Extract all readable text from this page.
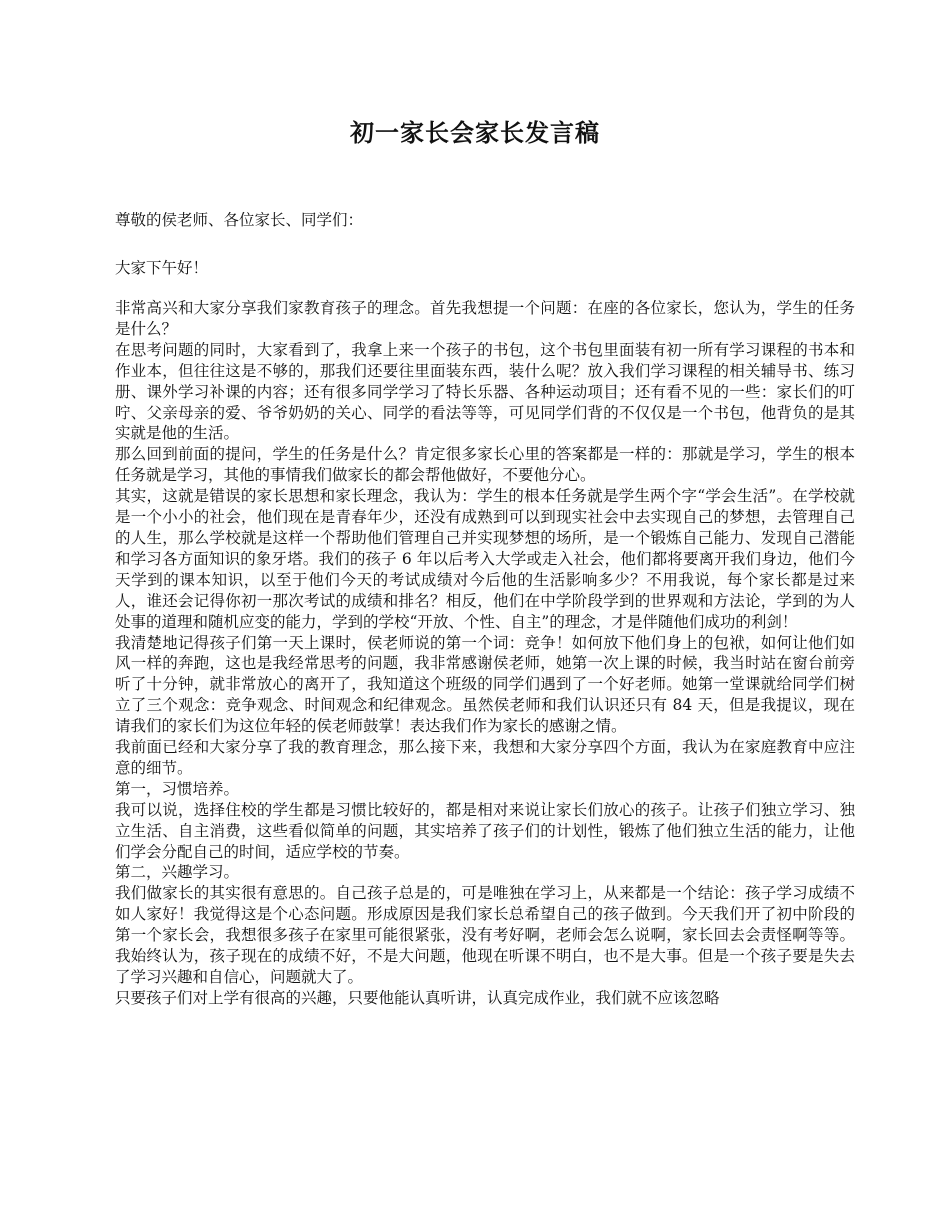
初一家长会家长发言稿
尊敬的侯老师、各位家长、同学们：
大家下午好！

非常高兴和大家分享我们家教育孩子的理念。首先我想提一个问题：在座的各位家长，您认为，学生的任务是什么？

在思考问题的同时，大家看到了，我拿上来一个孩子的书包，这个书包里面装有初一所有学习课程的书本和作业本，但往往这是不够的，那我们还要往里面装东西，装什么呢？放入我们学习课程的相关辅导书、练习册、课外学习补课的内容；还有很多同学学习了特长乐器、各种运动项目；还有看不见的一些：家长们的叮咛、父亲母亲的爱、爷爷奶奶的关心、同学的看法等等，可见同学们背的不仅仅是一个书包，他背负的是其实就是他的生活。

那么回到前面的提问，学生的任务是什么？肯定很多家长心里的答案都是一样的：那就是学习，学生的根本任务就是学习，其他的事情我们做家长的都会帮他做好，不要他分心。

其实，这就是错误的家长思想和家长理念，我认为：学生的根本任务就是学生两个字“学会生活”。在学校就是一个小小的社会，他们现在是青春年少，还没有成熟到可以到现实社会中去实现自己的梦想，去管理自己的人生，那么学校就是这样一个帮助他们管理自己并实现梦想的场所，是一个锻炼自己能力、发现自己潜能和学习各方面知识的象牙塔。我们的孩子 6 年以后考入大学或走入社会，他们都将要离开我们身边，他们今天学到的课本知识，以至于他们今天的考试成绩对今后他的生活影响多少？不用我说，每个家长都是过来人，谁还会记得你初一那次考试的成绩和排名？相反，他们在中学阶段学到的世界观和方法论，学到的为人处事的道理和随机应变的能力，学到的学校“开放、个性、自主”的理念，才是伴随他们成功的利剑！

我清楚地记得孩子们第一天上课时，侯老师说的第一个词：竞争！如何放下他们身上的包袱，如何让他们如风一样的奔跑，这也是我经常思考的问题，我非常感谢侯老师，她第一次上课的时候，我当时站在窗台前旁听了十分钟，就非常放心的离开了，我知道这个班级的同学们遇到了一个好老师。她第一堂课就给同学们树立了三个观念：竞争观念、时间观念和纪律观念。虽然侯老师和我们认识还只有 84 天，但是我提议，现在请我们的家长们为这位年轻的侯老师鼓掌！表达我们作为家长的感谢之情。

我前面已经和大家分享了我的教育理念，那么接下来，我想和大家分享四个方面，我认为在家庭教育中应注意的细节。

第一，习惯培养。

我可以说，选择住校的学生都是习惯比较好的，都是相对来说让家长们放心的孩子。让孩子们独立学习、独立生活、自主消费，这些看似简单的问题，其实培养了孩子们的计划性，锻炼了他们独立生活的能力，让他们学会分配自己的时间，适应学校的节奏。

第二，兴趣学习。

我们做家长的其实很有意思的。自己孩子总是的，可是唯独在学习上，从来都是一个结论：孩子学习成绩不如人家好！我觉得这是个心态问题。形成原因是我们家长总希望自己的孩子做到。今天我们开了初中阶段的第一个家长会，我想很多孩子在家里可能很紧张，没有考好啊，老师会怎么说啊，家长回去会责怪啊等等。我始终认为，孩子现在的成绩不好，不是大问题，他现在听课不明白，也不是大事。但是一个孩子要是失去了学习兴趣和自信心，问题就大了。

只要孩子们对上学有很高的兴趣，只要他能认真听讲，认真完成作业，我们就不应该忽略
